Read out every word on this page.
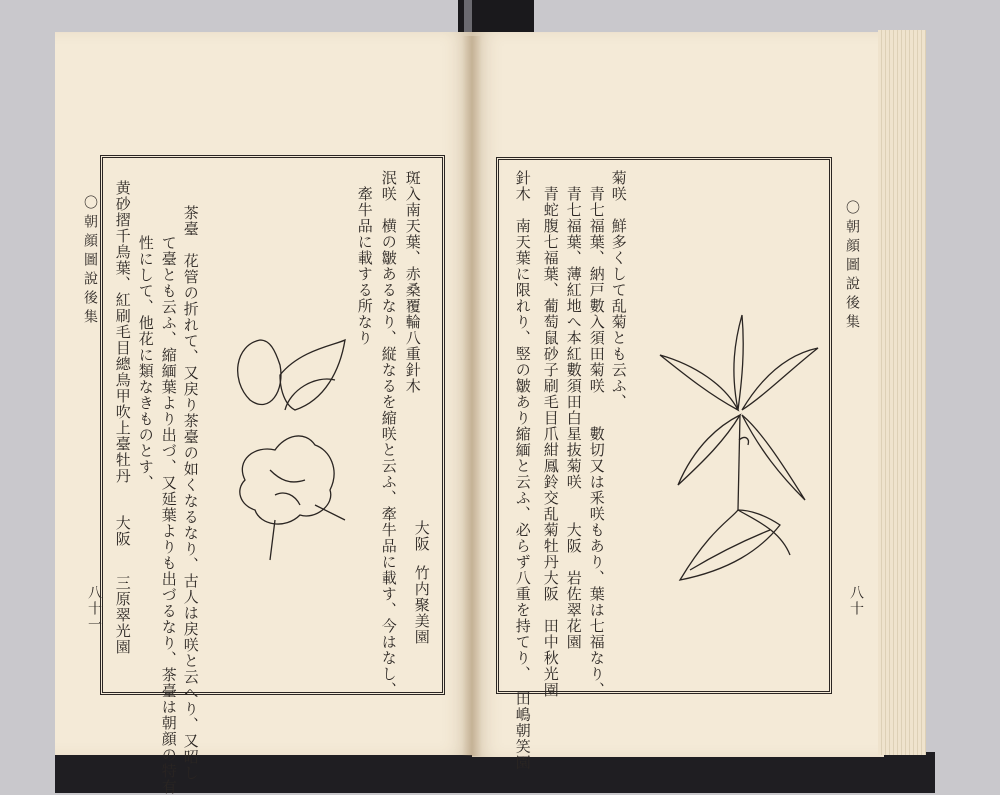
〇朝顔圖說後集	〇朝顔圖說後集
八十一	八十
菊咲　鮮多くして乱菊とも云ふ、
　青七福葉、納戸數入須田菊咲　　數切又は釆咲もあり、葉は七福なり、
　青七福葉、薄紅地へ本紅數須田白星抜菊咲　　大阪　岩佐翠花園
　青蛇腹七福葉、葡萄鼠砂子刷毛目爪紺鳳鈴交乱菊牡丹大阪　田中秋光園
針木　南天葉に限れり、竪の皺あり縮緬と云ふ、必らず八重を持てり、　田嶋朝笑園
斑入南天葉、赤桑覆輪八重針木
泯咲　横の皺あるなり、縦なるを縮咲と云ふ、牽牛品に載す、今はなし、
　牽牛品に載する所なり
大阪
竹内聚美園
茶臺　花管の折れて、又戻り茶臺の如くなるなり、古人は戻咲と云へり、又昭し
て臺とも云ふ、縮緬葉より出づ、又延葉よりも出づるなり、茶臺は朝顔の特有
性にして、他花に類なきものとす、
黄砂摺千鳥葉、紅刷毛目總鳥甲吹上臺牡丹
大阪
三原翠光園
